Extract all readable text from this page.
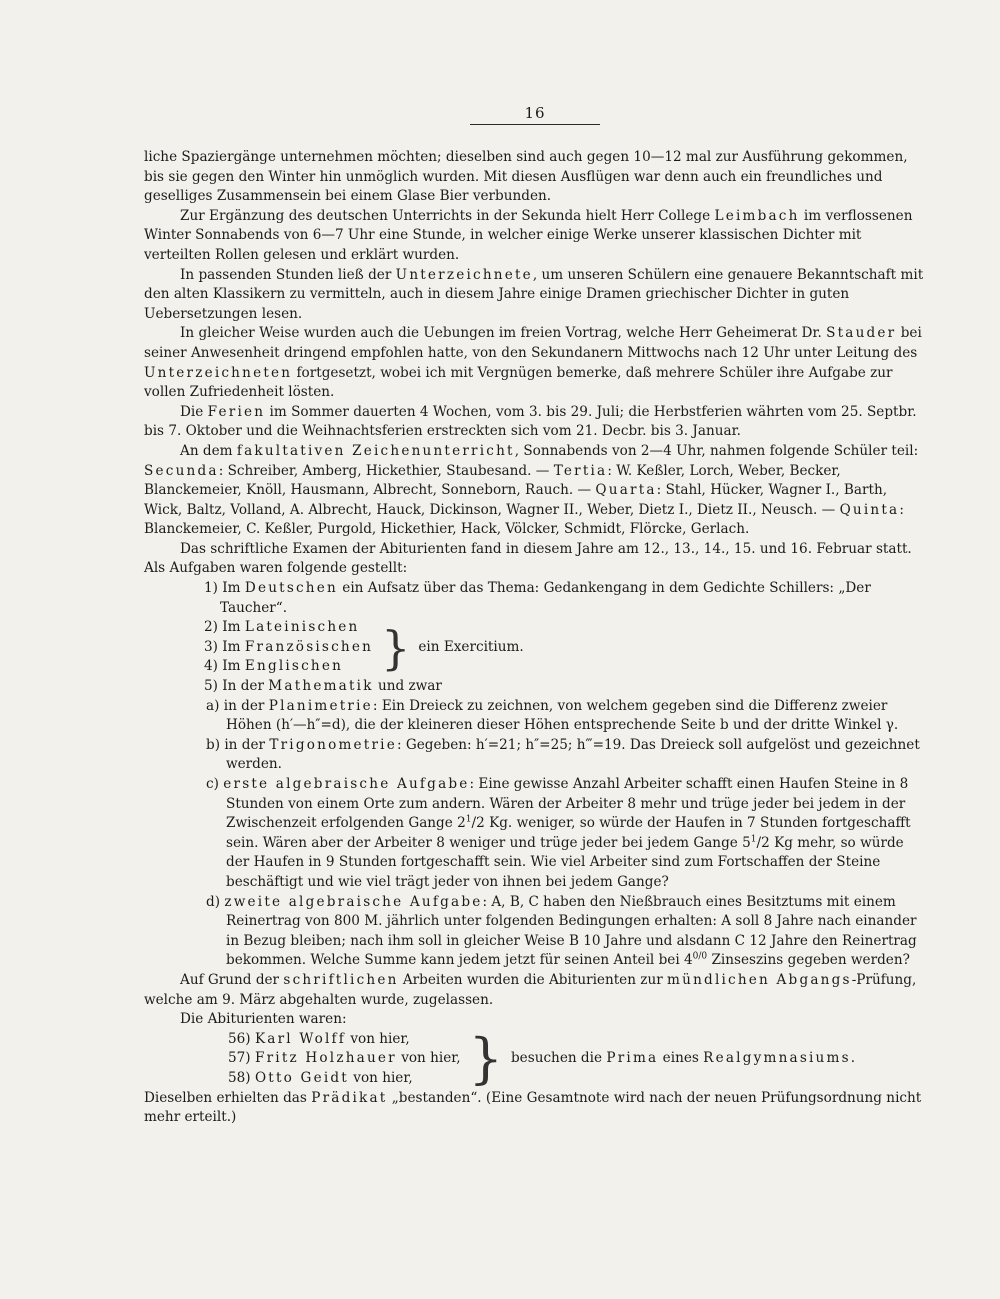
16

liche Spaziergänge unternehmen möchten; dieselben sind auch gegen 10—12 mal zur Ausführung gekommen, bis sie gegen den Winter hin unmöglich wurden. Mit diesen Ausflügen war denn auch ein freundliches und geselliges Zusammensein bei einem Glase Bier verbunden.

Zur Ergänzung des deutschen Unterrichts in der Sekunda hielt Herr College Leimbach im verflossenen Winter Sonnabends von 6—7 Uhr eine Stunde, in welcher einige Werke unserer klassischen Dichter mit verteilten Rollen gelesen und erklärt wurden.

In passenden Stunden ließ der Unterzeichnete, um unseren Schülern eine genauere Bekanntschaft mit den alten Klassikern zu vermitteln, auch in diesem Jahre einige Dramen griechischer Dichter in guten Uebersetzungen lesen.

In gleicher Weise wurden auch die Uebungen im freien Vortrag, welche Herr Geheimerat Dr. Stauder bei seiner Anwesenheit dringend empfohlen hatte, von den Sekundanern Mittwochs nach 12 Uhr unter Leitung des Unterzeichneten fortgesetzt, wobei ich mit Vergnügen bemerke, daß mehrere Schüler ihre Aufgabe zur vollen Zufriedenheit lösten.

Die Ferien im Sommer dauerten 4 Wochen, vom 3. bis 29. Juli; die Herbstferien währten vom 25. Septbr. bis 7. Oktober und die Weihnachtsferien erstreckten sich vom 21. Decbr. bis 3. Januar.

An dem fakultativen Zeichenunterricht, Sonnabends von 2—4 Uhr, nahmen folgende Schüler teil: Secunda: Schreiber, Amberg, Hickethier, Staubesand. — Tertia: W. Keßler, Lorch, Weber, Becker, Blanckemeier, Knöll, Hausmann, Albrecht, Sonneborn, Rauch. — Quarta: Stahl, Hücker, Wagner I., Barth, Wick, Baltz, Volland, A. Albrecht, Hauck, Dickinson, Wagner II., Weber, Dietz I., Dietz II., Neusch. — Quinta: Blanckemeier, C. Keßler, Purgold, Hickethier, Hack, Völcker, Schmidt, Flörcke, Gerlach.

Das schriftliche Examen der Abiturienten fand in diesem Jahre am 12., 13., 14., 15. und 16. Februar statt. Als Aufgaben waren folgende gestellt:

1) Im Deutschen ein Aufsatz über das Thema: Gedankengang in dem Gedichte Schillers: „Der Taucher“.

2) Im Lateinischen
3) Im Französischen
4) Im Englischen } ein Exercitium.

5) In der Mathematik und zwar

a) in der Planimetrie: Ein Dreieck zu zeichnen, von welchem gegeben sind die Differenz zweier Höhen (h′—h″=d), die der kleineren dieser Höhen entsprechende Seite b und der dritte Winkel γ.

b) in der Trigonometrie: Gegeben: h′=21; h″=25; h‴=19. Das Dreieck soll aufgelöst und gezeichnet werden.

c) erste algebraische Aufgabe: Eine gewisse Anzahl Arbeiter schafft einen Haufen Steine in 8 Stunden von einem Orte zum andern. Wären der Arbeiter 8 mehr und trüge jeder bei jedem in der Zwischenzeit erfolgenden Gange $2^1/2$ Kg. weniger, so würde der Haufen in 7 Stunden fortgeschafft sein. Wären aber der Arbeiter 8 weniger und trüge jeder bei jedem Gange $5^1/2$ Kg mehr, so würde der Haufen in 9 Stunden fortgeschafft sein. Wie viel Arbeiter sind zum Fortschaffen der Steine beschäftigt und wie viel trägt jeder von ihnen bei jedem Gange?

d) zweite algebraische Aufgabe: A, B, C haben den Nießbrauch eines Besitztums mit einem Reinertrag von 800 M. jährlich unter folgenden Bedingungen erhalten: A soll 8 Jahre nach einander in Bezug bleiben; nach ihm soll in gleicher Weise B 10 Jahre und alsdann C 12 Jahre den Reinertrag bekommen. Welche Summe kann jedem jetzt für seinen Anteil bei $4^{0/0}$ Zinseszins gegeben werden?

Auf Grund der schriftlichen Arbeiten wurden die Abiturienten zur mündlichen Abgangs-Prüfung, welche am 9. März abgehalten wurde, zugelassen.

Die Abiturienten waren:

56) Karl Wolff von hier,
57) Fritz Holzhauer von hier,
58) Otto Geidt von hier,	} besuchen die Prima eines Realgymnasiums.

Dieselben erhielten das Prädikat „bestanden“. (Eine Gesamtnote wird nach der neuen Prüfungsordnung nicht mehr erteilt.)
